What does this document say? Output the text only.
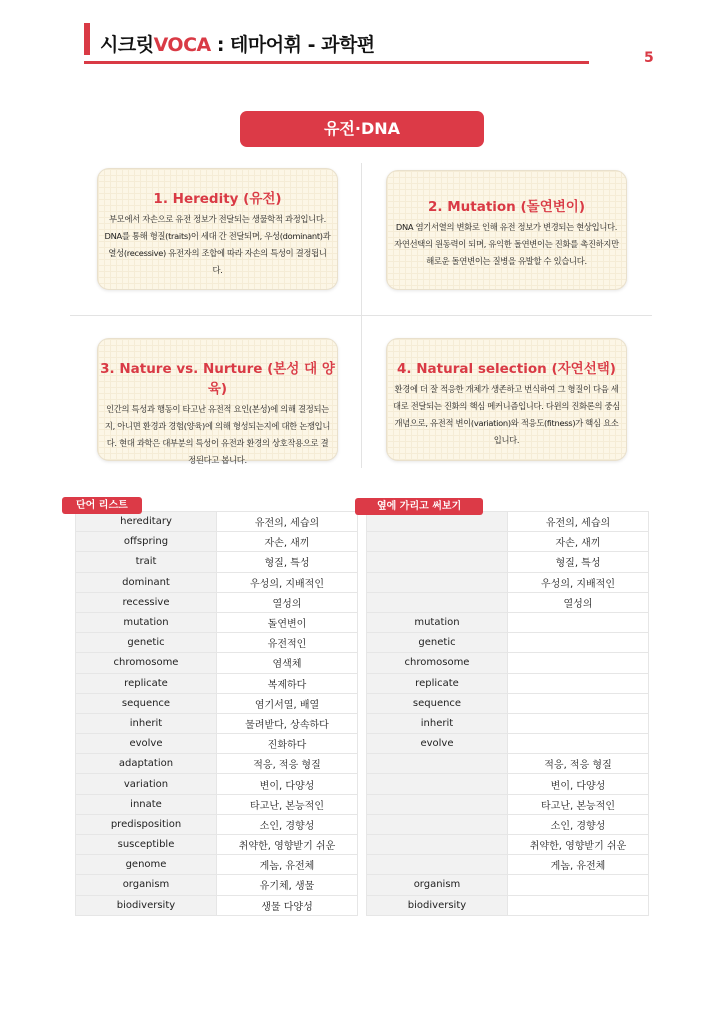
시크릿VOCA : 테마어휘 - 과학편
5
유전·DNA
1. Heredity (유전)

부모에서 자손으로 유전 정보가 전달되는 생물학적 과정입니다. DNA를 통해 형질(traits)이 세대 간 전달되며, 우성(dominant)과 열성(recessive) 유전자의 조합에 따라 자손의 특성이 결정됩니다.

2. Mutation (돌연변이)

DNA 염기서열의 변화로 인해 유전 정보가 변경되는 현상입니다. 자연선택의 원동력이 되며, 유익한 돌연변이는 진화를 촉진하지만 해로운 돌연변이는 질병을 유발할 수 있습니다.

3. Nature vs. Nurture (본성 대 양육)

인간의 특성과 행동이 타고난 유전적 요인(본성)에 의해 결정되는지, 아니면 환경과 경험(양육)에 의해 형성되는지에 대한 논쟁입니다. 현대 과학은 대부분의 특성이 유전과 환경의 상호작용으로 결정된다고 봅니다.

4. Natural selection (자연선택)

환경에 더 잘 적응한 개체가 생존하고 번식하여 그 형질이 다음 세대로 전달되는 진화의 핵심 메커니즘입니다. 다윈의 진화론의 중심 개념으로, 유전적 변이(variation)와 적응도(fitness)가 핵심 요소입니다.

hereditary	유전의, 세습의
offspring	자손, 새끼
trait	형질, 특성
dominant	우성의, 지배적인
recessive	열성의
mutation	돌연변이
genetic	유전적인
chromosome	염색체
replicate	복제하다
sequence	염기서열, 배열
inherit	물려받다, 상속하다
evolve	진화하다
adaptation	적응, 적응 형질
variation	변이, 다양성
innate	타고난, 본능적인
predisposition	소인, 경향성
susceptible	취약한, 영향받기 쉬운
genome	게놈, 유전체
organism	유기체, 생물
biodiversity	생물 다양성
	유전의, 세습의
	자손, 새끼
	형질, 특성
	우성의, 지배적인
	열성의
mutation	
genetic	
chromosome	
replicate	
sequence	
inherit	
evolve	
	적응, 적응 형질
	변이, 다양성
	타고난, 본능적인
	소인, 경향성
	취약한, 영향받기 쉬운
	게놈, 유전체
organism	
biodiversity	
단어 리스트	옆에 가리고 써보기
